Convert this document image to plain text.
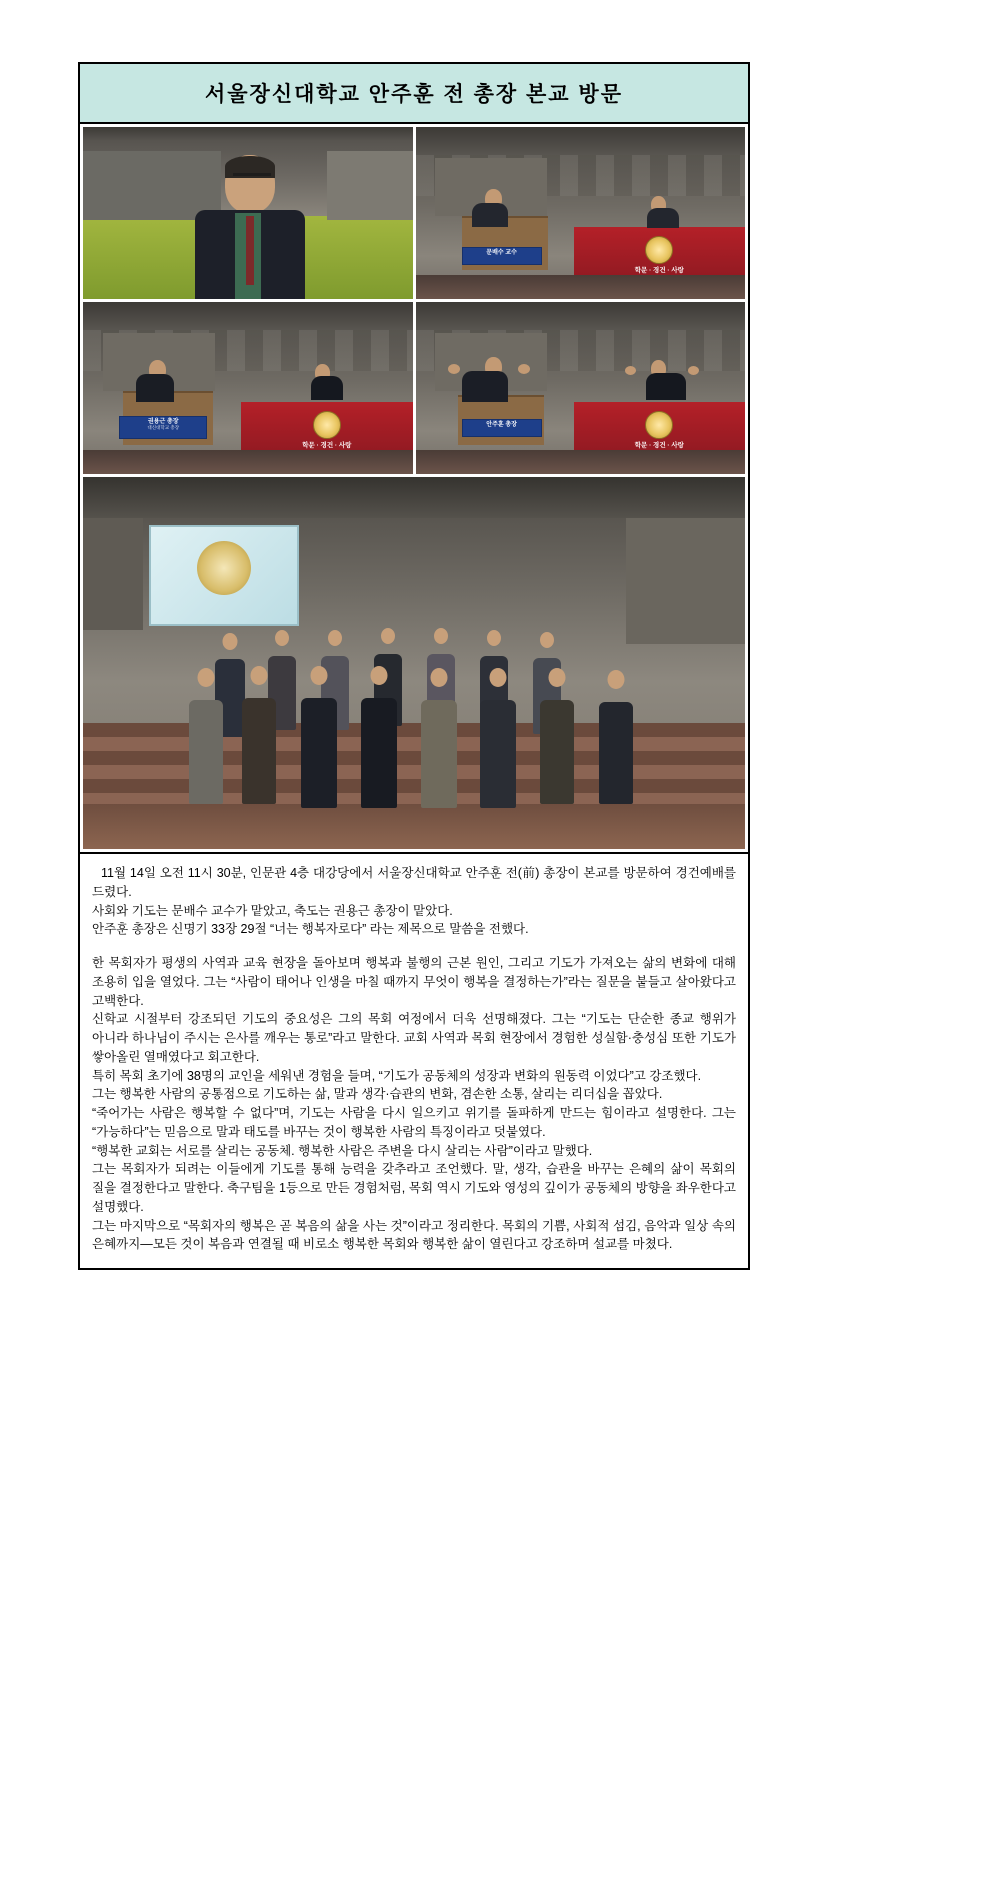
서울장신대학교 안주훈 전 총장 본교 방문
문배수 교수
학문 · 경건 · 사랑
권용근 총장
대신대학교 총장
학문 · 경건 · 사랑
안주훈 총장
학문 · 경건 · 사랑

11월 14일 오전 11시 30분, 인문관 4층 대강당에서 서울장신대학교 안주훈 전(前) 총장이 본교를 방문하여 경건예배를 드렸다.

사회와 기도는 문배수 교수가 맡았고, 축도는 권용근 총장이 맡았다.

안주훈 총장은 신명기 33장 29절 “너는 행복자로다” 라는 제목으로 말씀을 전했다.

한 목회자가 평생의 사역과 교육 현장을 돌아보며 행복과 불행의 근본 원인, 그리고 기도가 가져오는 삶의 변화에 대해 조용히 입을 열었다. 그는 “사람이 태어나 인생을 마칠 때까지 무엇이 행복을 결정하는가”라는 질문을 붙들고 살아왔다고 고백한다.

신학교 시절부터 강조되던 기도의 중요성은 그의 목회 여정에서 더욱 선명해졌다. 그는 “기도는 단순한 종교 행위가 아니라 하나님이 주시는 은사를 깨우는 통로”라고 말한다. 교회 사역과 목회 현장에서 경험한 성실함·충성심 또한 기도가 쌓아올린 열매였다고 회고한다.

특히 목회 초기에 38명의 교인을 세워낸 경험을 들며, “기도가 공동체의 성장과 변화의 원동력 이었다”고 강조했다.

그는 행복한 사람의 공통점으로 기도하는 삶, 말과 생각·습관의 변화, 겸손한 소통, 살리는 리더십을 꼽았다.

“죽어가는 사람은 행복할 수 없다”며, 기도는 사람을 다시 일으키고 위기를 돌파하게 만드는 힘이라고 설명한다. 그는 “가능하다”는 믿음으로 말과 태도를 바꾸는 것이 행복한 사람의 특징이라고 덧붙였다.

“행복한 교회는 서로를 살리는 공동체. 행복한 사람은 주변을 다시 살리는 사람”이라고 말했다.

그는 목회자가 되려는 이들에게 기도를 통해 능력을 갖추라고 조언했다. 말, 생각, 습관을 바꾸는 은혜의 삶이 목회의 질을 결정한다고 말한다. 축구팀을 1등으로 만든 경험처럼, 목회 역시 기도와 영성의 깊이가 공동체의 방향을 좌우한다고 설명했다.

그는 마지막으로 “목회자의 행복은 곧 복음의 삶을 사는 것”이라고 정리한다. 목회의 기쁨, 사회적 섬김, 음악과 일상 속의 은혜까지—모든 것이 복음과 연결될 때 비로소 행복한 목회와 행복한 삶이 열린다고 강조하며 설교를 마쳤다.
